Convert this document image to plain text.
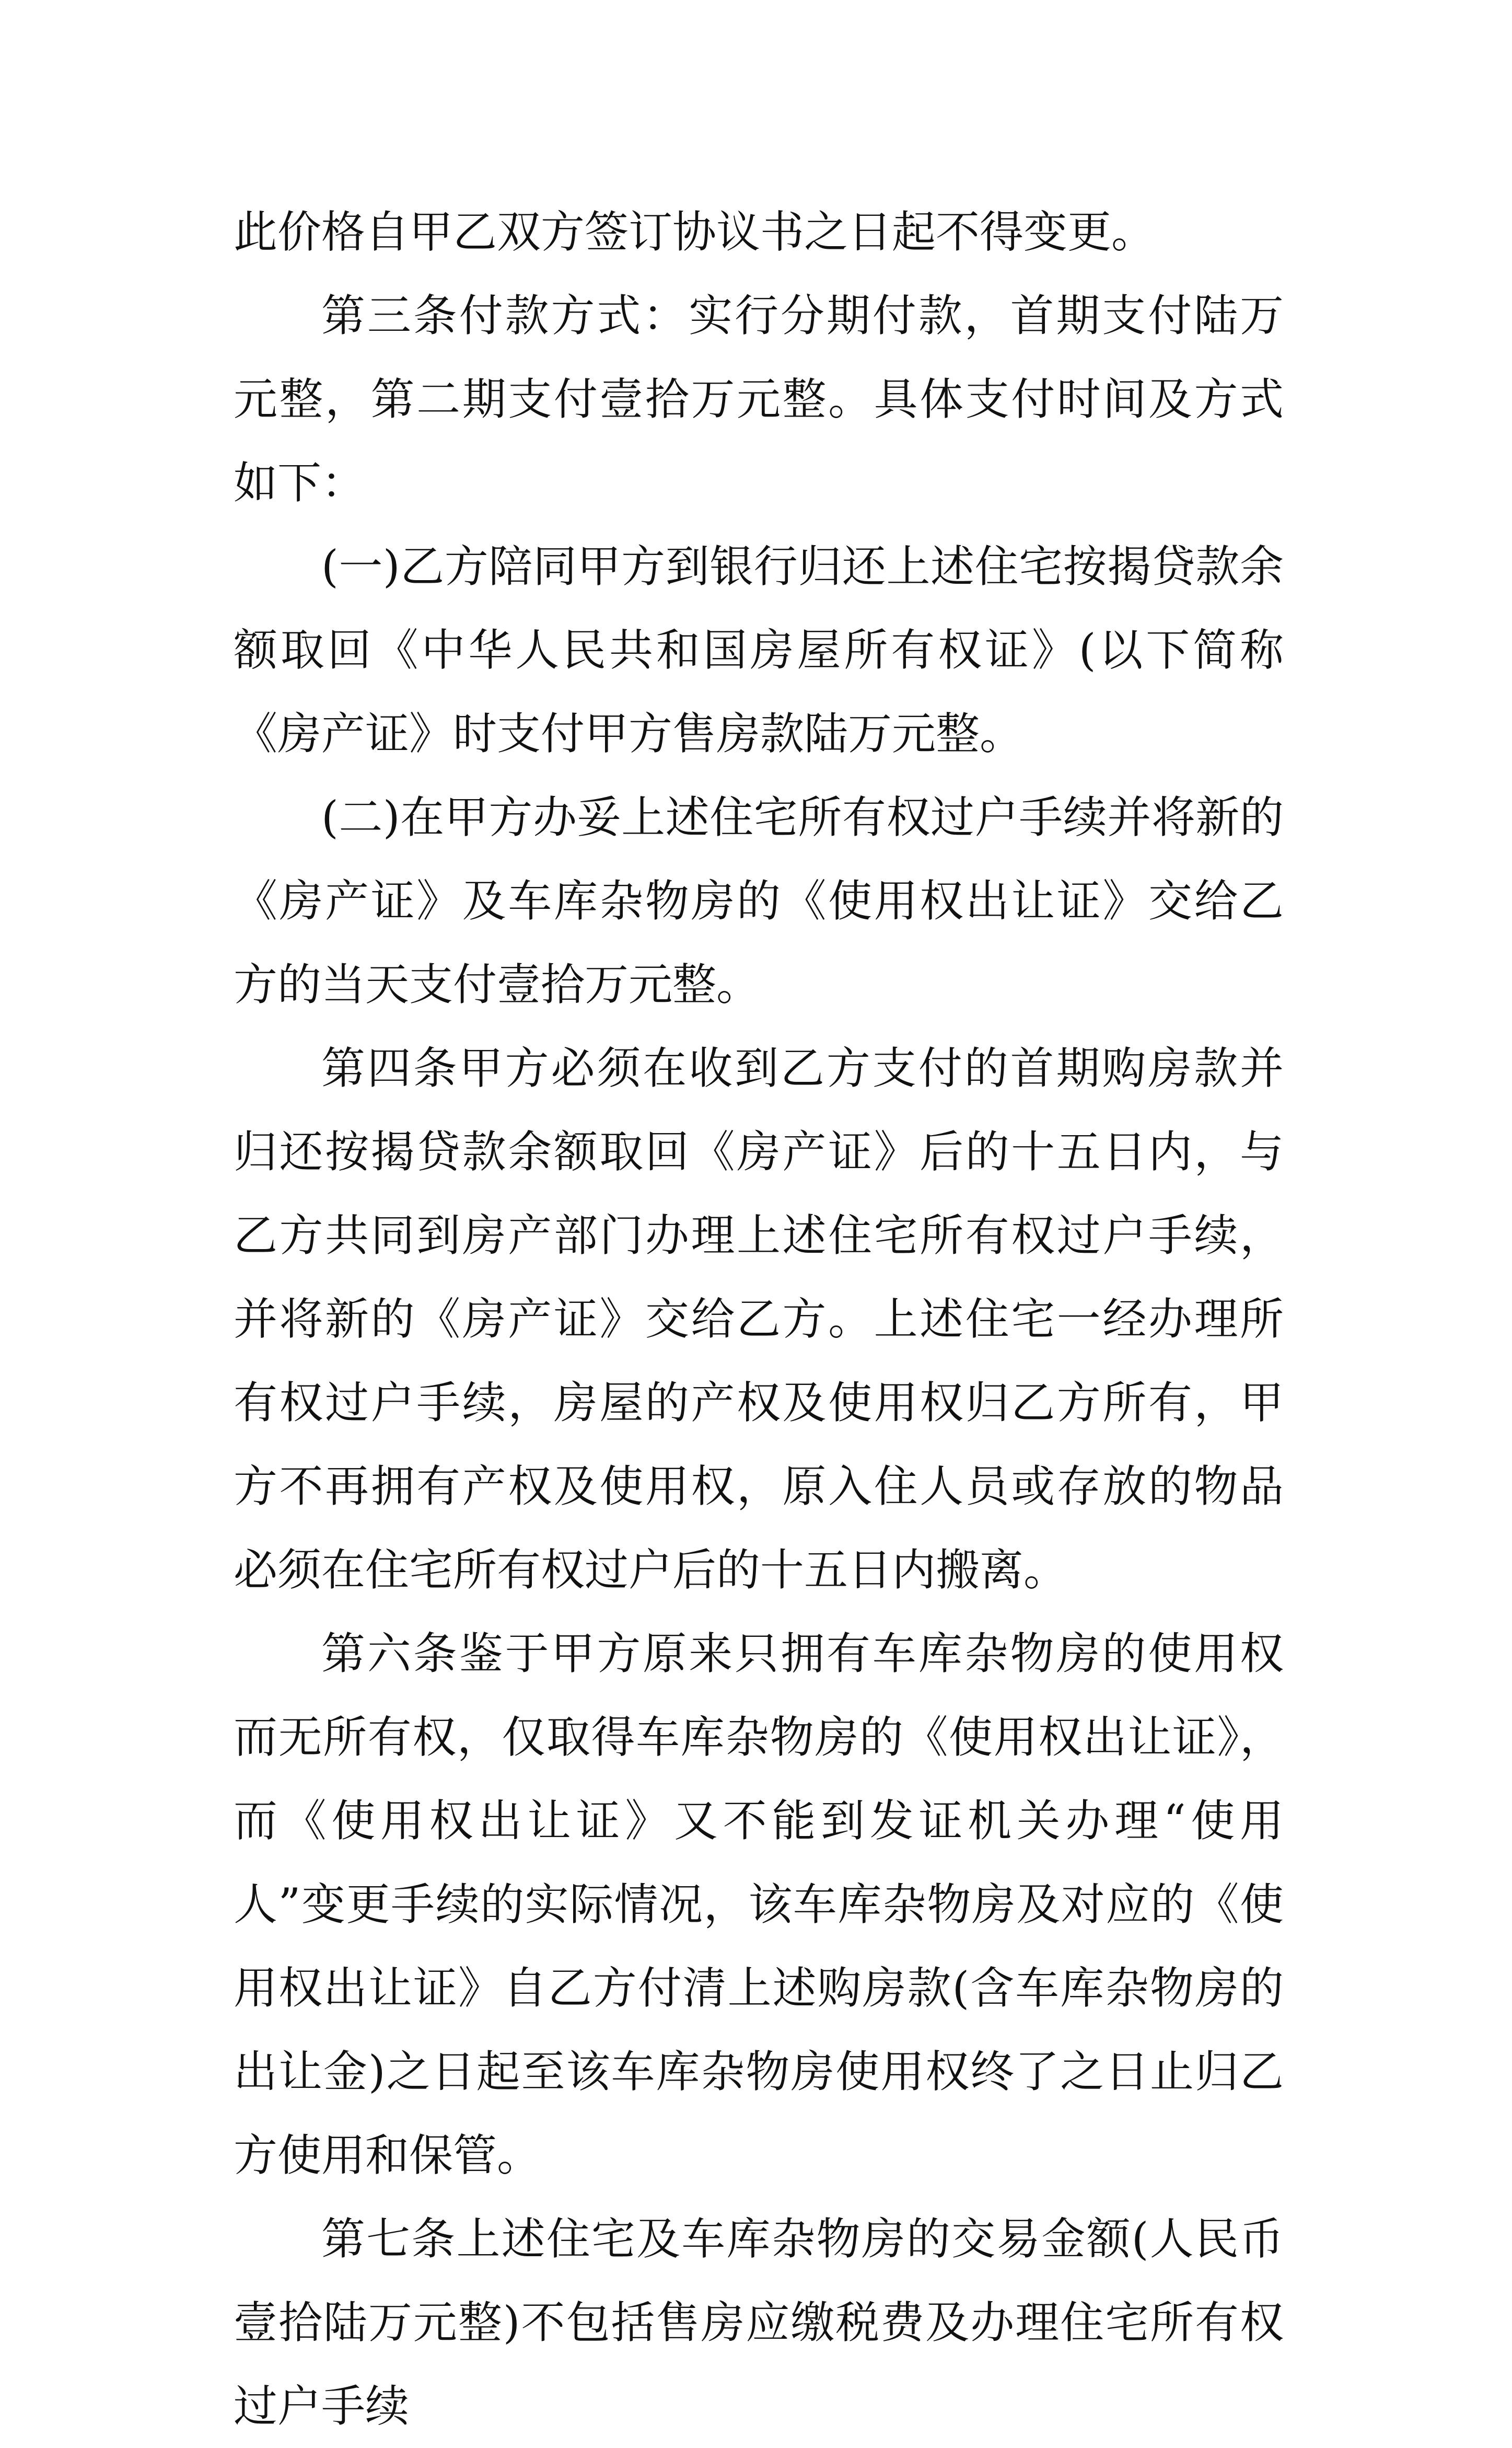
此价格自甲乙双方签订协议书之日起不得变更。

第三条付款方式：实行分期付款，首期支付陆万元整，第二期支付壹拾万元整。具体支付时间及方式如下：

(一)乙方陪同甲方到银行归还上述住宅按揭贷款余额取回《中华人民共和国房屋所有权证》(以下简称《房产证》时支付甲方售房款陆万元整。

(二)在甲方办妥上述住宅所有权过户手续并将新的《房产证》及车库杂物房的《使用权出让证》交给乙方的当天支付壹拾万元整。

第四条甲方必须在收到乙方支付的首期购房款并归还按揭贷款余额取回《房产证》后的十五日内，与乙方共同到房产部门办理上述住宅所有权过户手续，并将新的《房产证》交给乙方。上述住宅一经办理所有权过户手续，房屋的产权及使用权归乙方所有，甲方不再拥有产权及使用权，原入住人员或存放的物品必须在住宅所有权过户后的十五日内搬离。

第六条鉴于甲方原来只拥有车库杂物房的使用权而无所有权，仅取得车库杂物房的《使用权出让证》，而《使用权出让证》又不能到发证机关办理“使用人”变更手续的实际情况，该车库杂物房及对应的《使用权出让证》自乙方付清上述购房款(含车库杂物房的出让金)之日起至该车库杂物房使用权终了之日止归乙方使用和保管。

第七条上述住宅及车库杂物房的交易金额(人民币壹拾陆万元整)不包括售房应缴税费及办理住宅所有权过户手续
